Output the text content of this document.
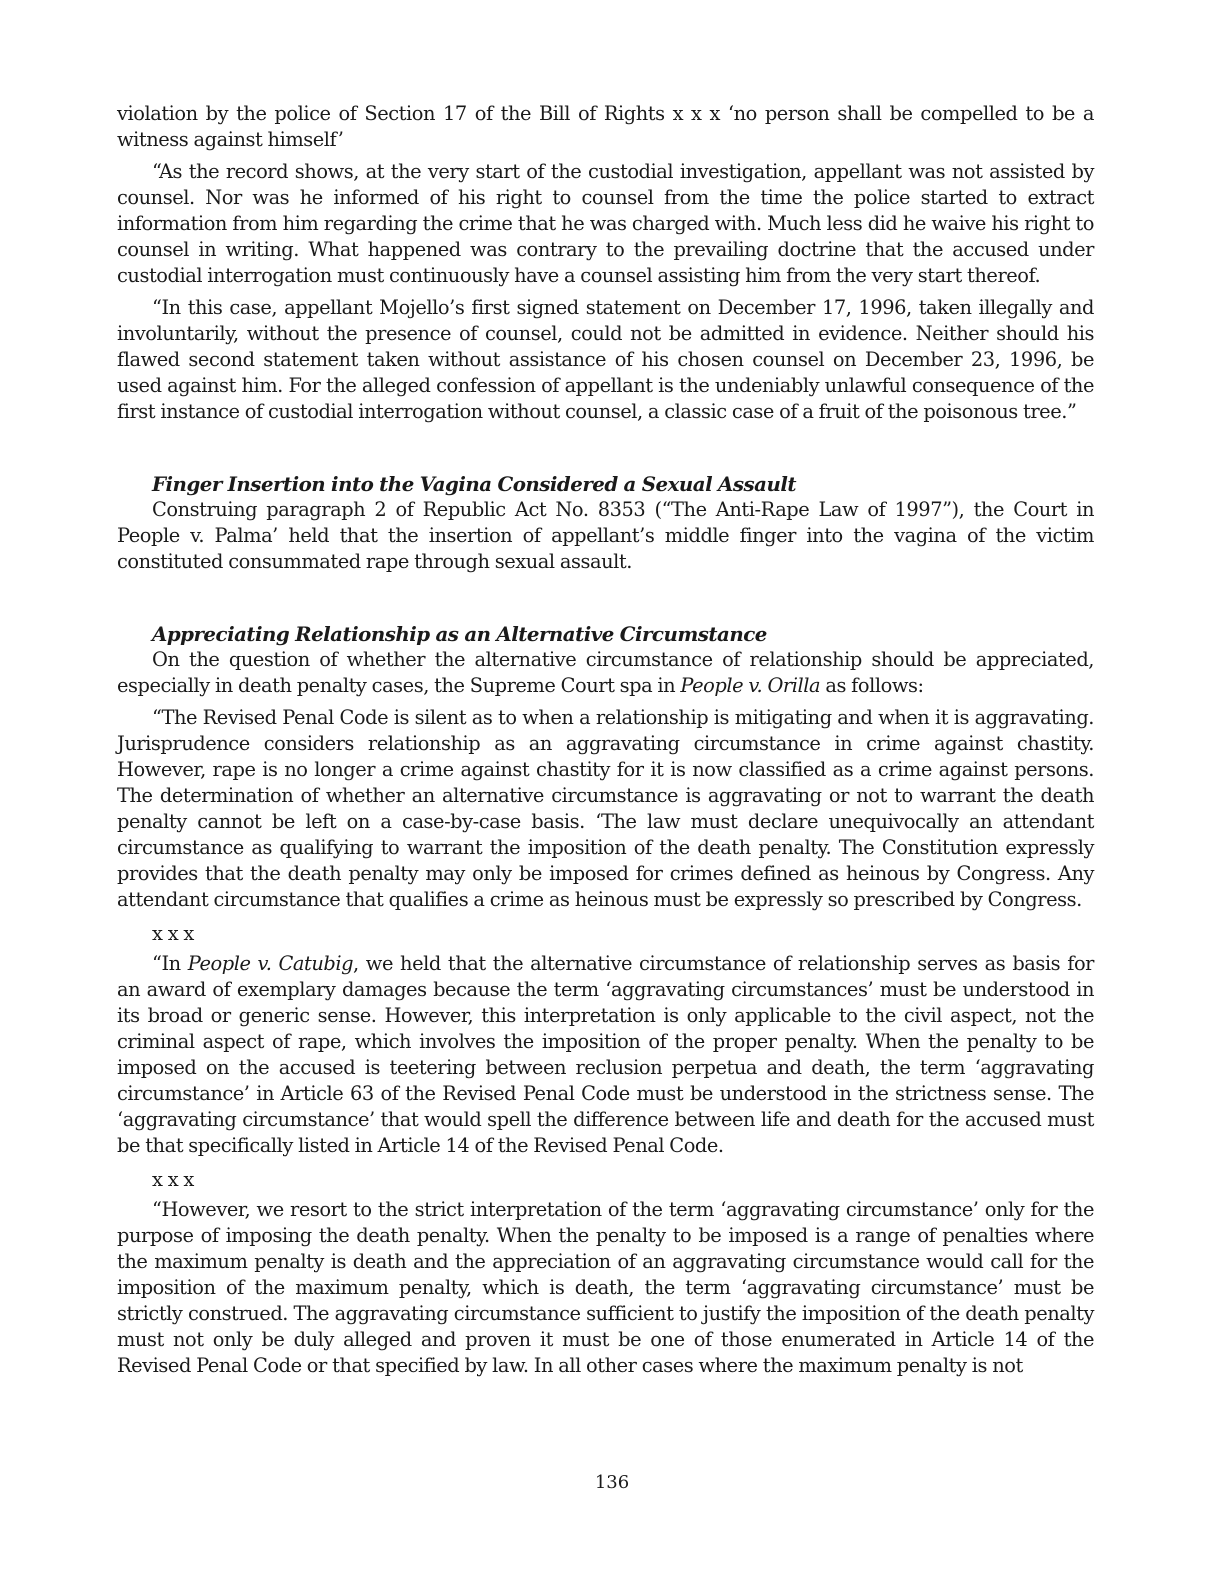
violation by the police of Section 17 of the Bill of Rights x x x ‘no person shall be compelled to be a witness against himself’

“As the record shows, at the very start of the custodial investigation, appellant was not assisted by counsel. Nor was he informed of his right to counsel from the time the police started to extract information from him regarding the crime that he was charged with. Much less did he waive his right to counsel in writing. What happened was contrary to the prevailing doctrine that the accused under custodial interrogation must continuously have a counsel assisting him from the very start thereof.

“In this case, appellant Mojello’s first signed statement on December 17, 1996, taken illegally and involuntarily, without the presence of counsel, could not be admitted in evidence. Neither should his flawed second statement taken without assistance of his chosen counsel on December 23, 1996, be used against him. For the alleged confession of appellant is the undeniably unlawful consequence of the first instance of custodial interrogation without counsel, a classic case of a fruit of the poisonous tree.”

Finger Insertion into the Vagina Considered a Sexual Assault

Construing paragraph 2 of Republic Act No. 8353 (“The Anti-Rape Law of 1997”), the Court in People v. Palma’ held that the insertion of appellant’s middle finger into the vagina of the victim constituted consummated rape through sexual assault.

Appreciating Relationship as an Alternative Circumstance

On the question of whether the alternative circumstance of relationship should be appreciated, especially in death penalty cases, the Supreme Court spa in People v. Orilla as follows:

“The Revised Penal Code is silent as to when a relationship is mitigating and when it is aggravating. Jurisprudence considers relationship as an aggravating circumstance in crime against chastity. However, rape is no longer a crime against chastity for it is now classified as a crime against persons. The determination of whether an alternative circumstance is aggravating or not to warrant the death penalty cannot be left on a case-by-case basis. ‘The law must declare unequivocally an attendant circumstance as qualifying to warrant the imposition of the death penalty. The Constitution expressly provides that the death penalty may only be imposed for crimes defined as heinous by Congress. Any attendant circumstance that qualifies a crime as heinous must be expressly so prescribed by Congress.

x x x

“In People v. Catubig, we held that the alternative circumstance of relationship serves as basis for an award of exemplary damages because the term ‘aggravating circumstances’ must be understood in its broad or generic sense. However, this interpretation is only applicable to the civil aspect, not the criminal aspect of rape, which involves the imposition of the proper penalty. When the penalty to be imposed on the accused is teetering between reclusion perpetua and death, the term ‘aggravating circumstance’ in Article 63 of the Revised Penal Code must be understood in the strictness sense. The ‘aggravating circumstance’ that would spell the difference between life and death for the accused must be that specifically listed in Article 14 of the Revised Penal Code.

x x x

“However, we resort to the strict interpretation of the term ‘aggravating circumstance’ only for the purpose of imposing the death penalty. When the penalty to be imposed is a range of penalties where the maximum penalty is death and the appreciation of an aggravating circumstance would call for the imposition of the maximum penalty, which is death, the term ‘aggravating circumstance’ must be strictly construed. The aggravating circumstance sufficient to justify the imposition of the death penalty must not only be duly alleged and proven it must be one of those enumerated in Article 14 of the Revised Penal Code or that specified by law. In all other cases where the maximum penalty is not

136
